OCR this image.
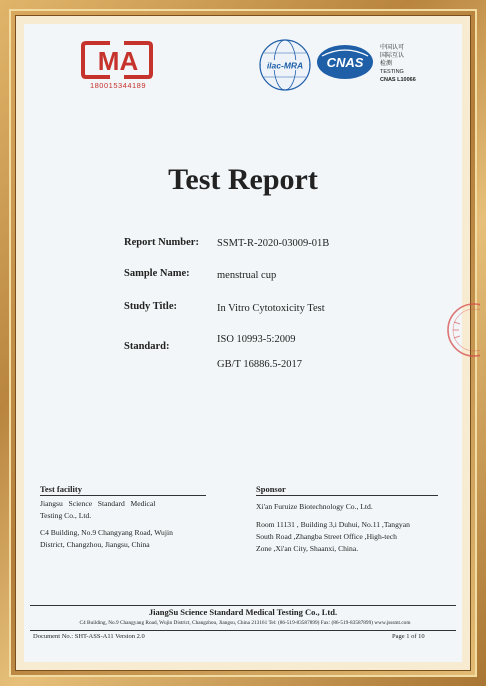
MA
180015344189
ilac-MRA CNAS
中国认可
国际互认
检测
TESTING
CNAS L10066
Test Report
Report Number: SSMT-R-2020-03009-01B
Sample Name:	menstrual cup
Study Title:	In Vitro Cytotoxicity Test
Standard:
ISO 10993-5:2009
GB/T 16886.5-2017
Test facility
Jiangsu   Science   Standard   Medical
Testing Co., Ltd.
C4 Building, No.9 Changyang Road, Wujin
District, Changzhou, Jiangsu, China
Sponsor
Xi'an Furuize Biotechnology Co., Ltd.
Room 11131 , Building 3,i Duhui, No.11 ,Tangyan
South Road ,Zhangba Street Office ,High-tech
Zone ,Xi'an City, Shaanxi, China.
JiangSu Science Standard Medical Testing Co., Ltd.
C4 Building, No.9 Changyang Road, Wujin District, Changzhou, Jiangsu, China 213161 Tel: (86-519-83587899) Fax: (86-519-83587899) www.jsssmt.com
Document No.: SHT-ASS-A11 Version 2.0	Page 1 of 10
